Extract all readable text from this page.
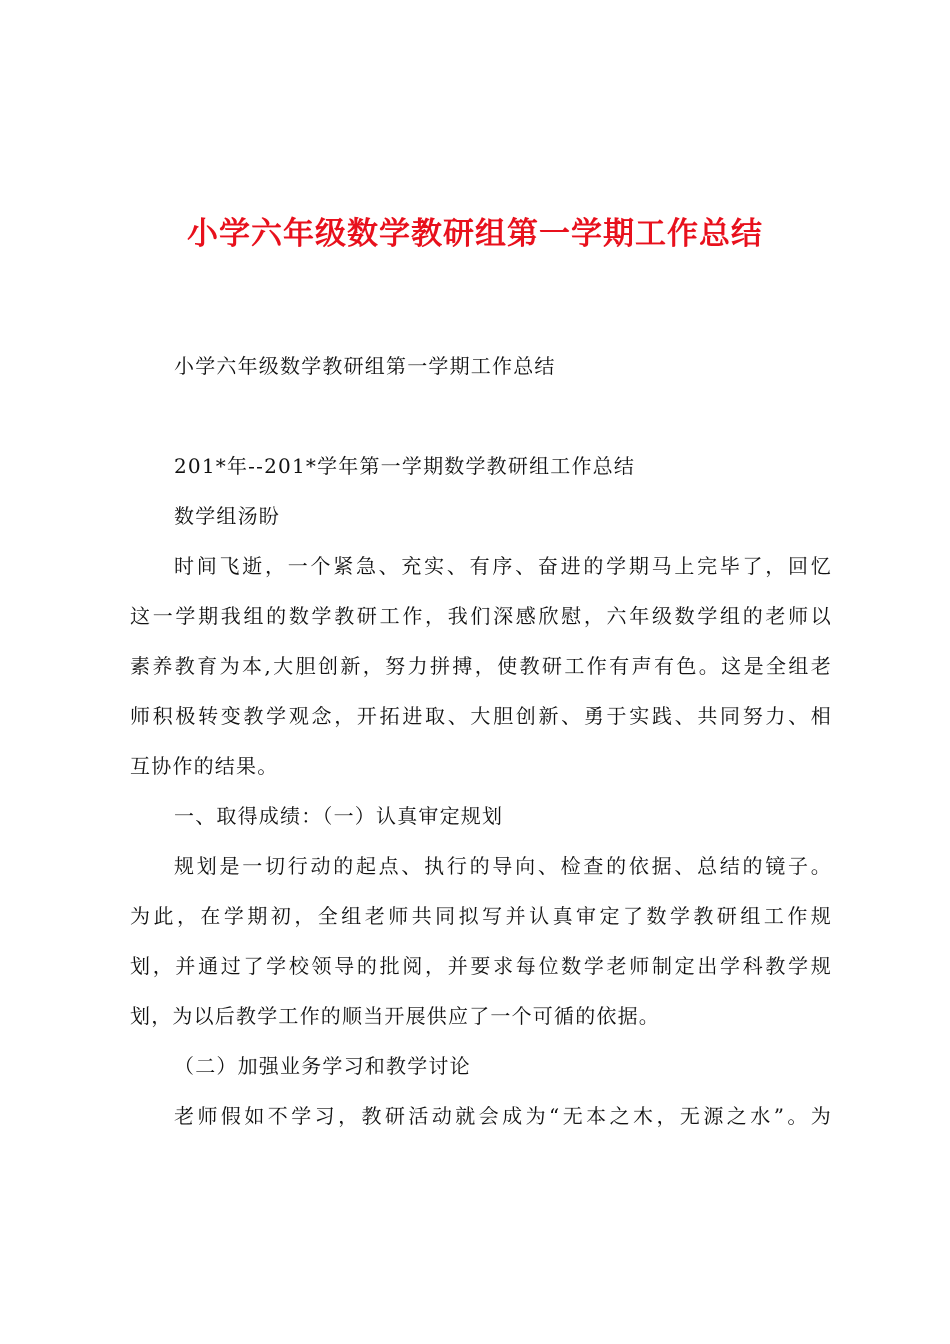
小学六年级数学教研组第一学期工作总结
小学六年级数学教研组第一学期工作总结
201*年--201*学年第一学期数学教研组工作总结
数学组汤盼
时间飞逝，一个紧急、充实、有序、奋进的学期马上完毕了，回忆
这一学期我组的数学教研工作，我们深感欣慰，六年级数学组的老师以
素养教育为本,大胆创新，努力拼搏，使教研工作有声有色。这是全组老
师积极转变教学观念，开拓进取、大胆创新、勇于实践、共同努力、相
互协作的结果。
一、取得成绩：（一）认真审定规划
规划是一切行动的起点、执行的导向、检查的依据、总结的镜子。
为此，在学期初，全组老师共同拟写并认真审定了数学教研组工作规
划，并通过了学校领导的批阅，并要求每位数学老师制定出学科教学规
划，为以后教学工作的顺当开展供应了一个可循的依据。
（二）加强业务学习和教学讨论
老师假如不学习，教研活动就会成为“无本之木，无源之水”。为
